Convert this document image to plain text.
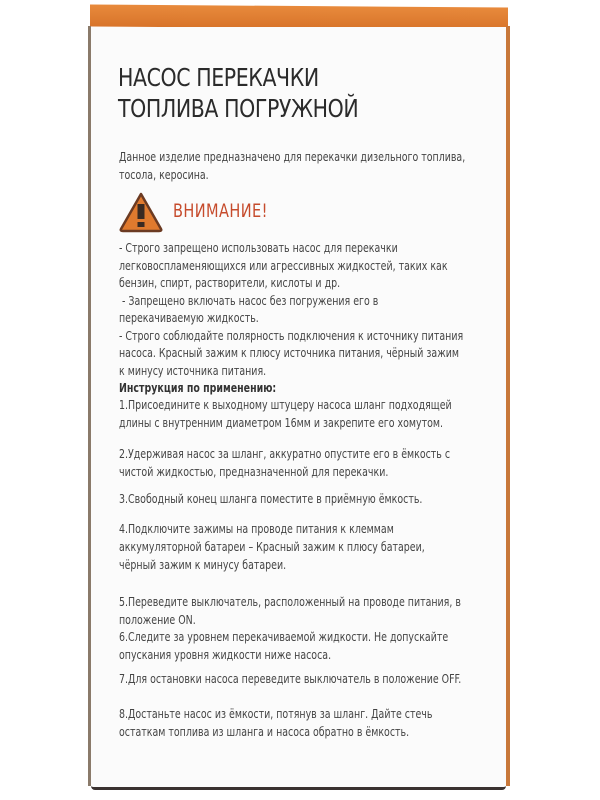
НАСОС ПЕРЕКАЧКИ
ТОПЛИВА ПОГРУЖНОЙ
Данное изделие предназначено для перекачки дизельного топлива,
тосола, керосина.
ВНИМАНИЕ!
- Строго запрещено использовать насос для перекачки
легковоспламеняющихся или агрессивных жидкостей, таких как
бензин, спирт, растворители, кислоты и др.
- Запрещено включать насос без погружения его в
перекачиваемую жидкость.
- Строго соблюдайте полярность подключения к источнику питания
насоса. Красный зажим к плюсу источника питания, чёрный зажим
к минусу источника питания.
Инструкция по применению:
1.Присоедините к выходному штуцеру насоса шланг подходящей
длины с внутренним диаметром 16мм и закрепите его хомутом.
2.Удерживая насос за шланг, аккуратно опустите его в ёмкость с
чистой жидкостью, предназначенной для перекачки.
3.Свободный конец шланга поместите в приёмную ёмкость.
4.Подключите зажимы на проводе питания к клеммам
аккумуляторной батареи – Красный зажим к плюсу батареи,
чёрный зажим к минусу батареи.
5.Переведите выключатель, расположенный на проводе питания, в
положение ON.
6.Следите за уровнем перекачиваемой жидкости. Не допускайте
опускания уровня жидкости ниже насоса.
7.Для остановки насоса переведите выключатель в положение OFF.
8.Достаньте насос из ёмкости, потянув за шланг. Дайте стечь
остаткам топлива из шланга и насоса обратно в ёмкость.
